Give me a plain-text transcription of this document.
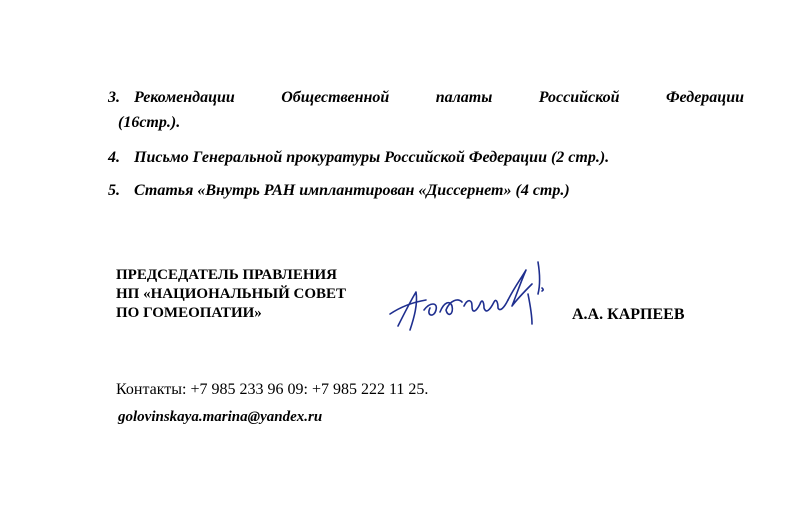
3. Рекомендации Общественной палаты Российской Федерации
(16стр.).
4. Письмо Генеральной прокуратуры Российской Федерации (2 стр.).
5. Статья «Внутрь РАН имплантирован «Диссернет» (4 стр.)
ПРЕДСЕДАТЕЛЬ ПРАВЛЕНИЯ
НП «НАЦИОНАЛЬНЫЙ СОВЕТ
ПО ГОМЕОПАТИИ»	А.А. КАРПЕЕВ
Контакты: +7 985 233 96 09: +7 985 222 11 25.
golovinskaya.marina@yandex.ru
